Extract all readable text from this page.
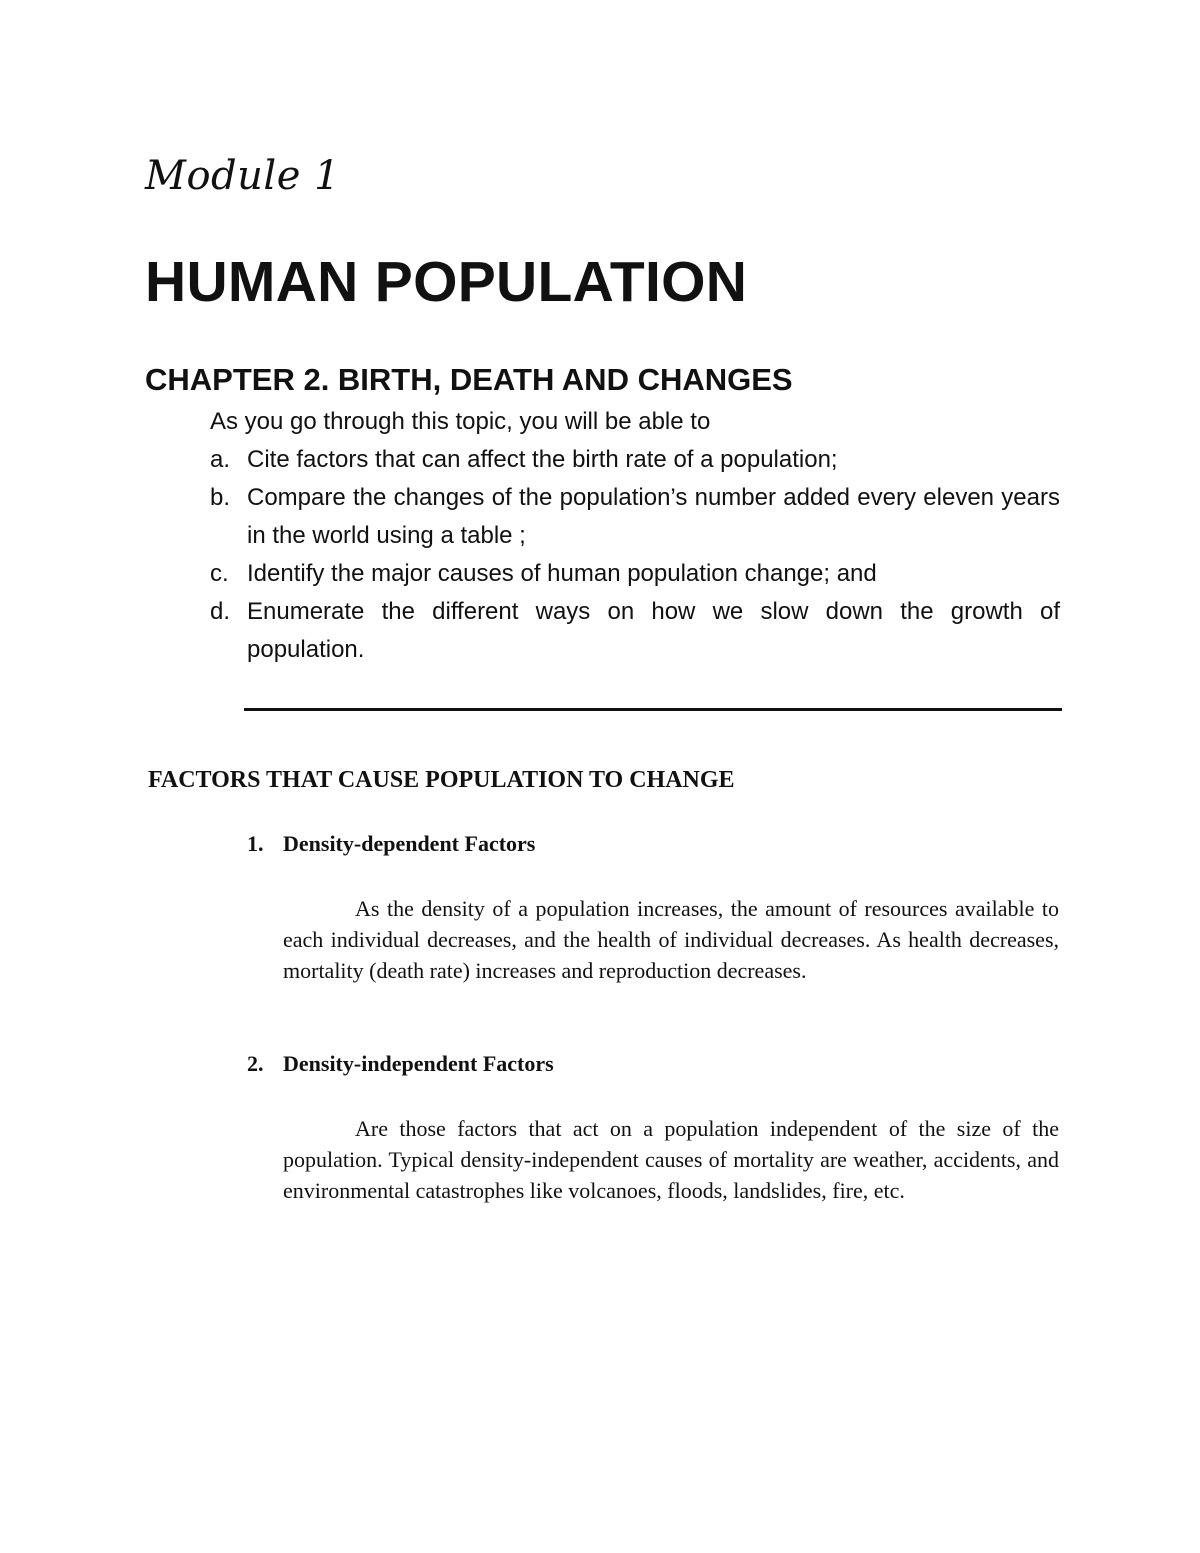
Module 1
HUMAN POPULATION
CHAPTER 2. BIRTH, DEATH AND CHANGES
As you go through this topic, you will be able to
a. Cite factors that can affect the birth rate of a population;
b. Compare the changes of the population’s number added every eleven years in the world using a table ;
c. Identify the major causes of human population change; and
d. Enumerate the different ways on how we slow down the growth of population.
FACTORS THAT CAUSE POPULATION TO CHANGE
1. Density-dependent Factors

As the density of a population increases, the amount of resources available to each individual decreases, and the health of individual decreases. As health decreases, mortality (death rate) increases and reproduction decreases.

2. Density-independent Factors

Are those factors that act on a population independent of the size of the population. Typical density-independent causes of mortality are weather, accidents, and environmental catastrophes like volcanoes, floods, landslides, fire, etc.
